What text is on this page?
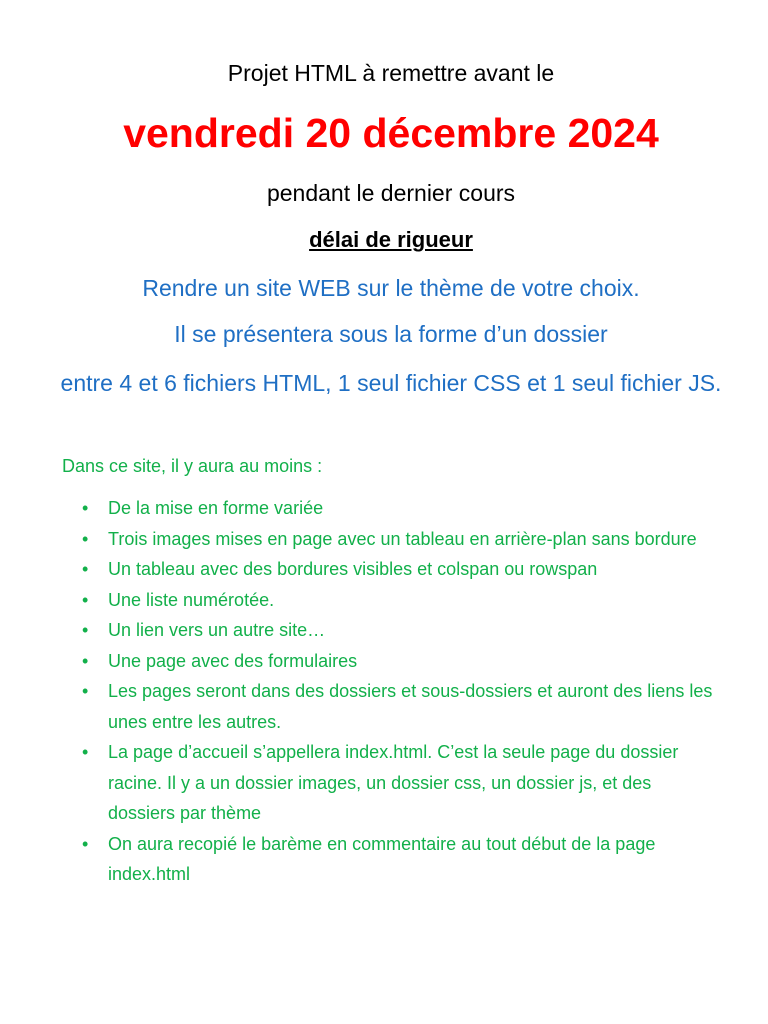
Projet HTML à remettre avant le

vendredi 20 décembre 2024

pendant le dernier cours

délai de rigueur

Rendre un site WEB sur le thème de votre choix.

Il se présentera sous la forme d’un dossier

entre 4 et 6 fichiers HTML, 1 seul fichier CSS et 1 seul fichier JS.

Dans ce site, il y aura au moins :

• De la mise en forme variée
• Trois images mises en page avec un tableau en arrière-plan sans bordure
• Un tableau avec des bordures visibles et colspan ou rowspan
• Une liste numérotée.
• Un lien vers un autre site…
• Une page avec des formulaires
• Les pages seront dans des dossiers et sous-dossiers et auront des liens les unes entre les autres.
• La page d’accueil s’appellera index.html. C’est la seule page du dossier racine. Il y a un dossier images, un dossier css, un dossier js, et des dossiers par thème
• On aura recopié le barème en commentaire au tout début de la page index.html
